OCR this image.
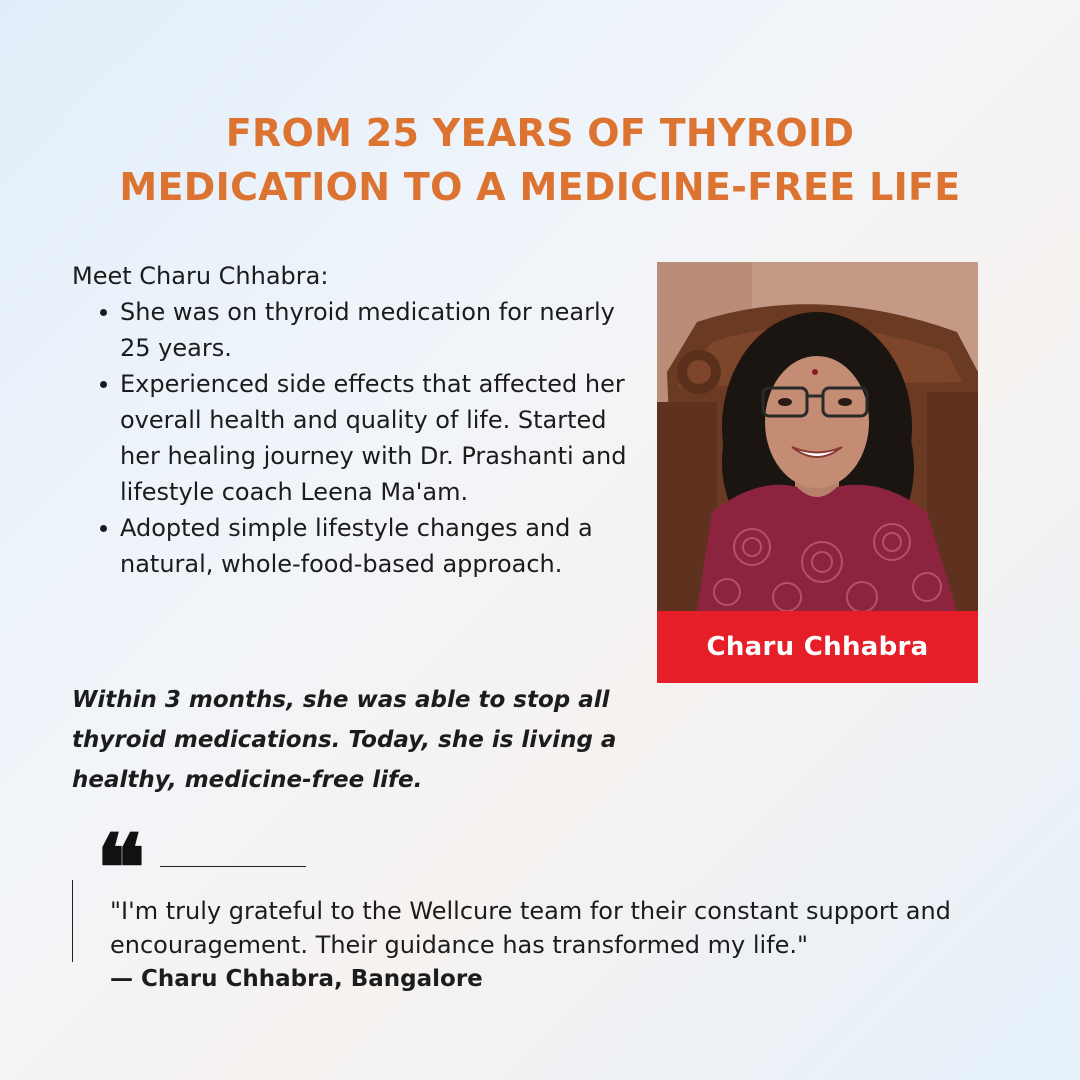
FROM 25 YEARS OF THYROID
MEDICATION TO A MEDICINE-FREE LIFE
Meet Charu Chhabra:
She was on thyroid medication for nearly 25 years.
Experienced side effects that affected her overall health and quality of life. Started her healing journey with Dr. Prashanti and lifestyle coach Leena Ma'am.
Adopted simple lifestyle changes and a natural, whole-food-based approach.
Within 3 months, she was able to stop all thyroid medications. Today, she is living a healthy, medicine-free life.
Charu Chhabra
❝
"I'm truly grateful to the Wellcure team for their constant support and encouragement. Their guidance has transformed my life."
— Charu Chhabra, Bangalore
